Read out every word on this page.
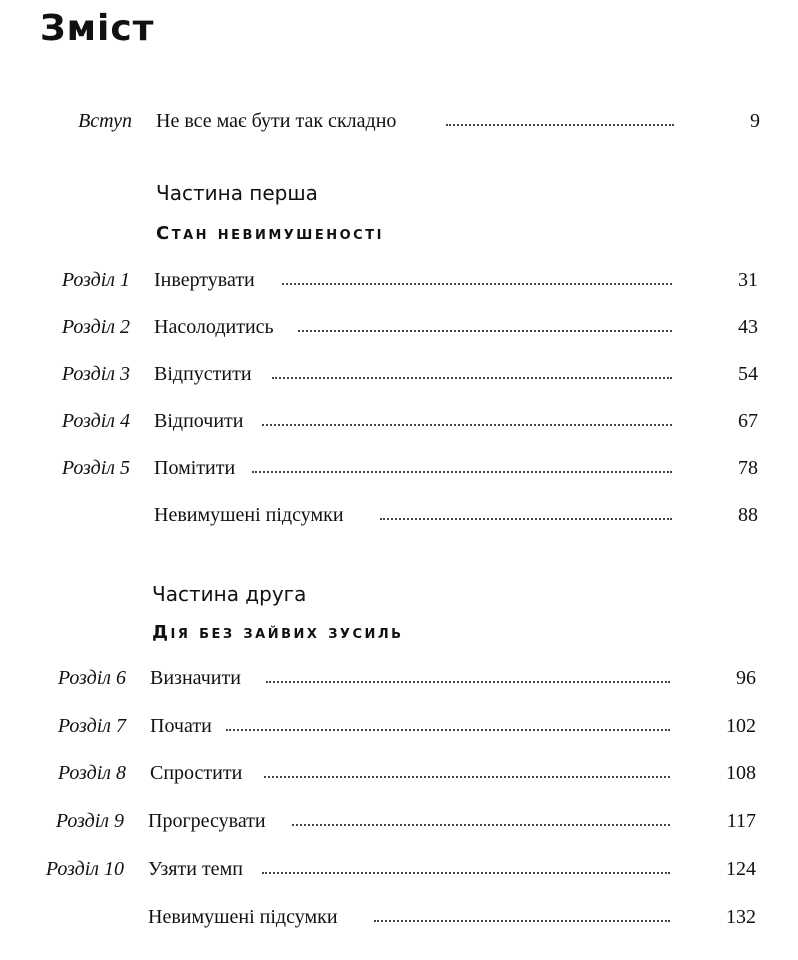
Зміст
Вступ Не все має бути так складно	9
Частина перша
Стан невимушеності
Розділ 1 Інвертувати	31
Розділ 2 Насолодитись	43
Розділ 3 Відпустити	54
Розділ 4 Відпочити	67
Розділ 5 Помітити	78
Невимушені підсумки	88
Частина друга
Дія без зайвих зусиль
Розділ 6 Визначити	96
Розділ 7 Почати	102
Розділ 8 Спростити	108
Розділ 9 Прогресувати	117
Розділ 10 Узяти темп	124
Невимушені підсумки	132
